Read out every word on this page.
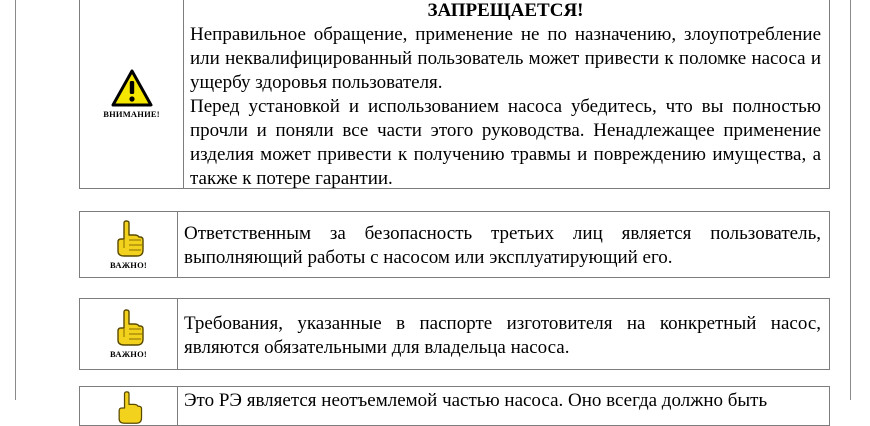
ВНИМАНИЕ!
ЗАПРЕЩАЕТСЯ!

Неправильное обращение, применение не по назначению, злоупотребление или неквалифицированный пользователь может привести к поломке насоса и ущербу здоровья пользователя.

Перед установкой и использованием насоса убедитесь, что вы полностью прочли и поняли все части этого руководства. Ненадлежащее применение изделия может привести к получению травмы и повреждению имущества, а также к потере гарантии.

ВАЖНО!

Ответственным за безопасность третьих лиц является пользователь, выполняющий работы с насосом или эксплуатирующий его.

ВАЖНО!

Требования, указанные в паспорте изготовителя на конкретный насос, являются обязательными для владельца насоса.

Это РЭ является неотъемлемой частью насоса. Оно всегда должно быть
